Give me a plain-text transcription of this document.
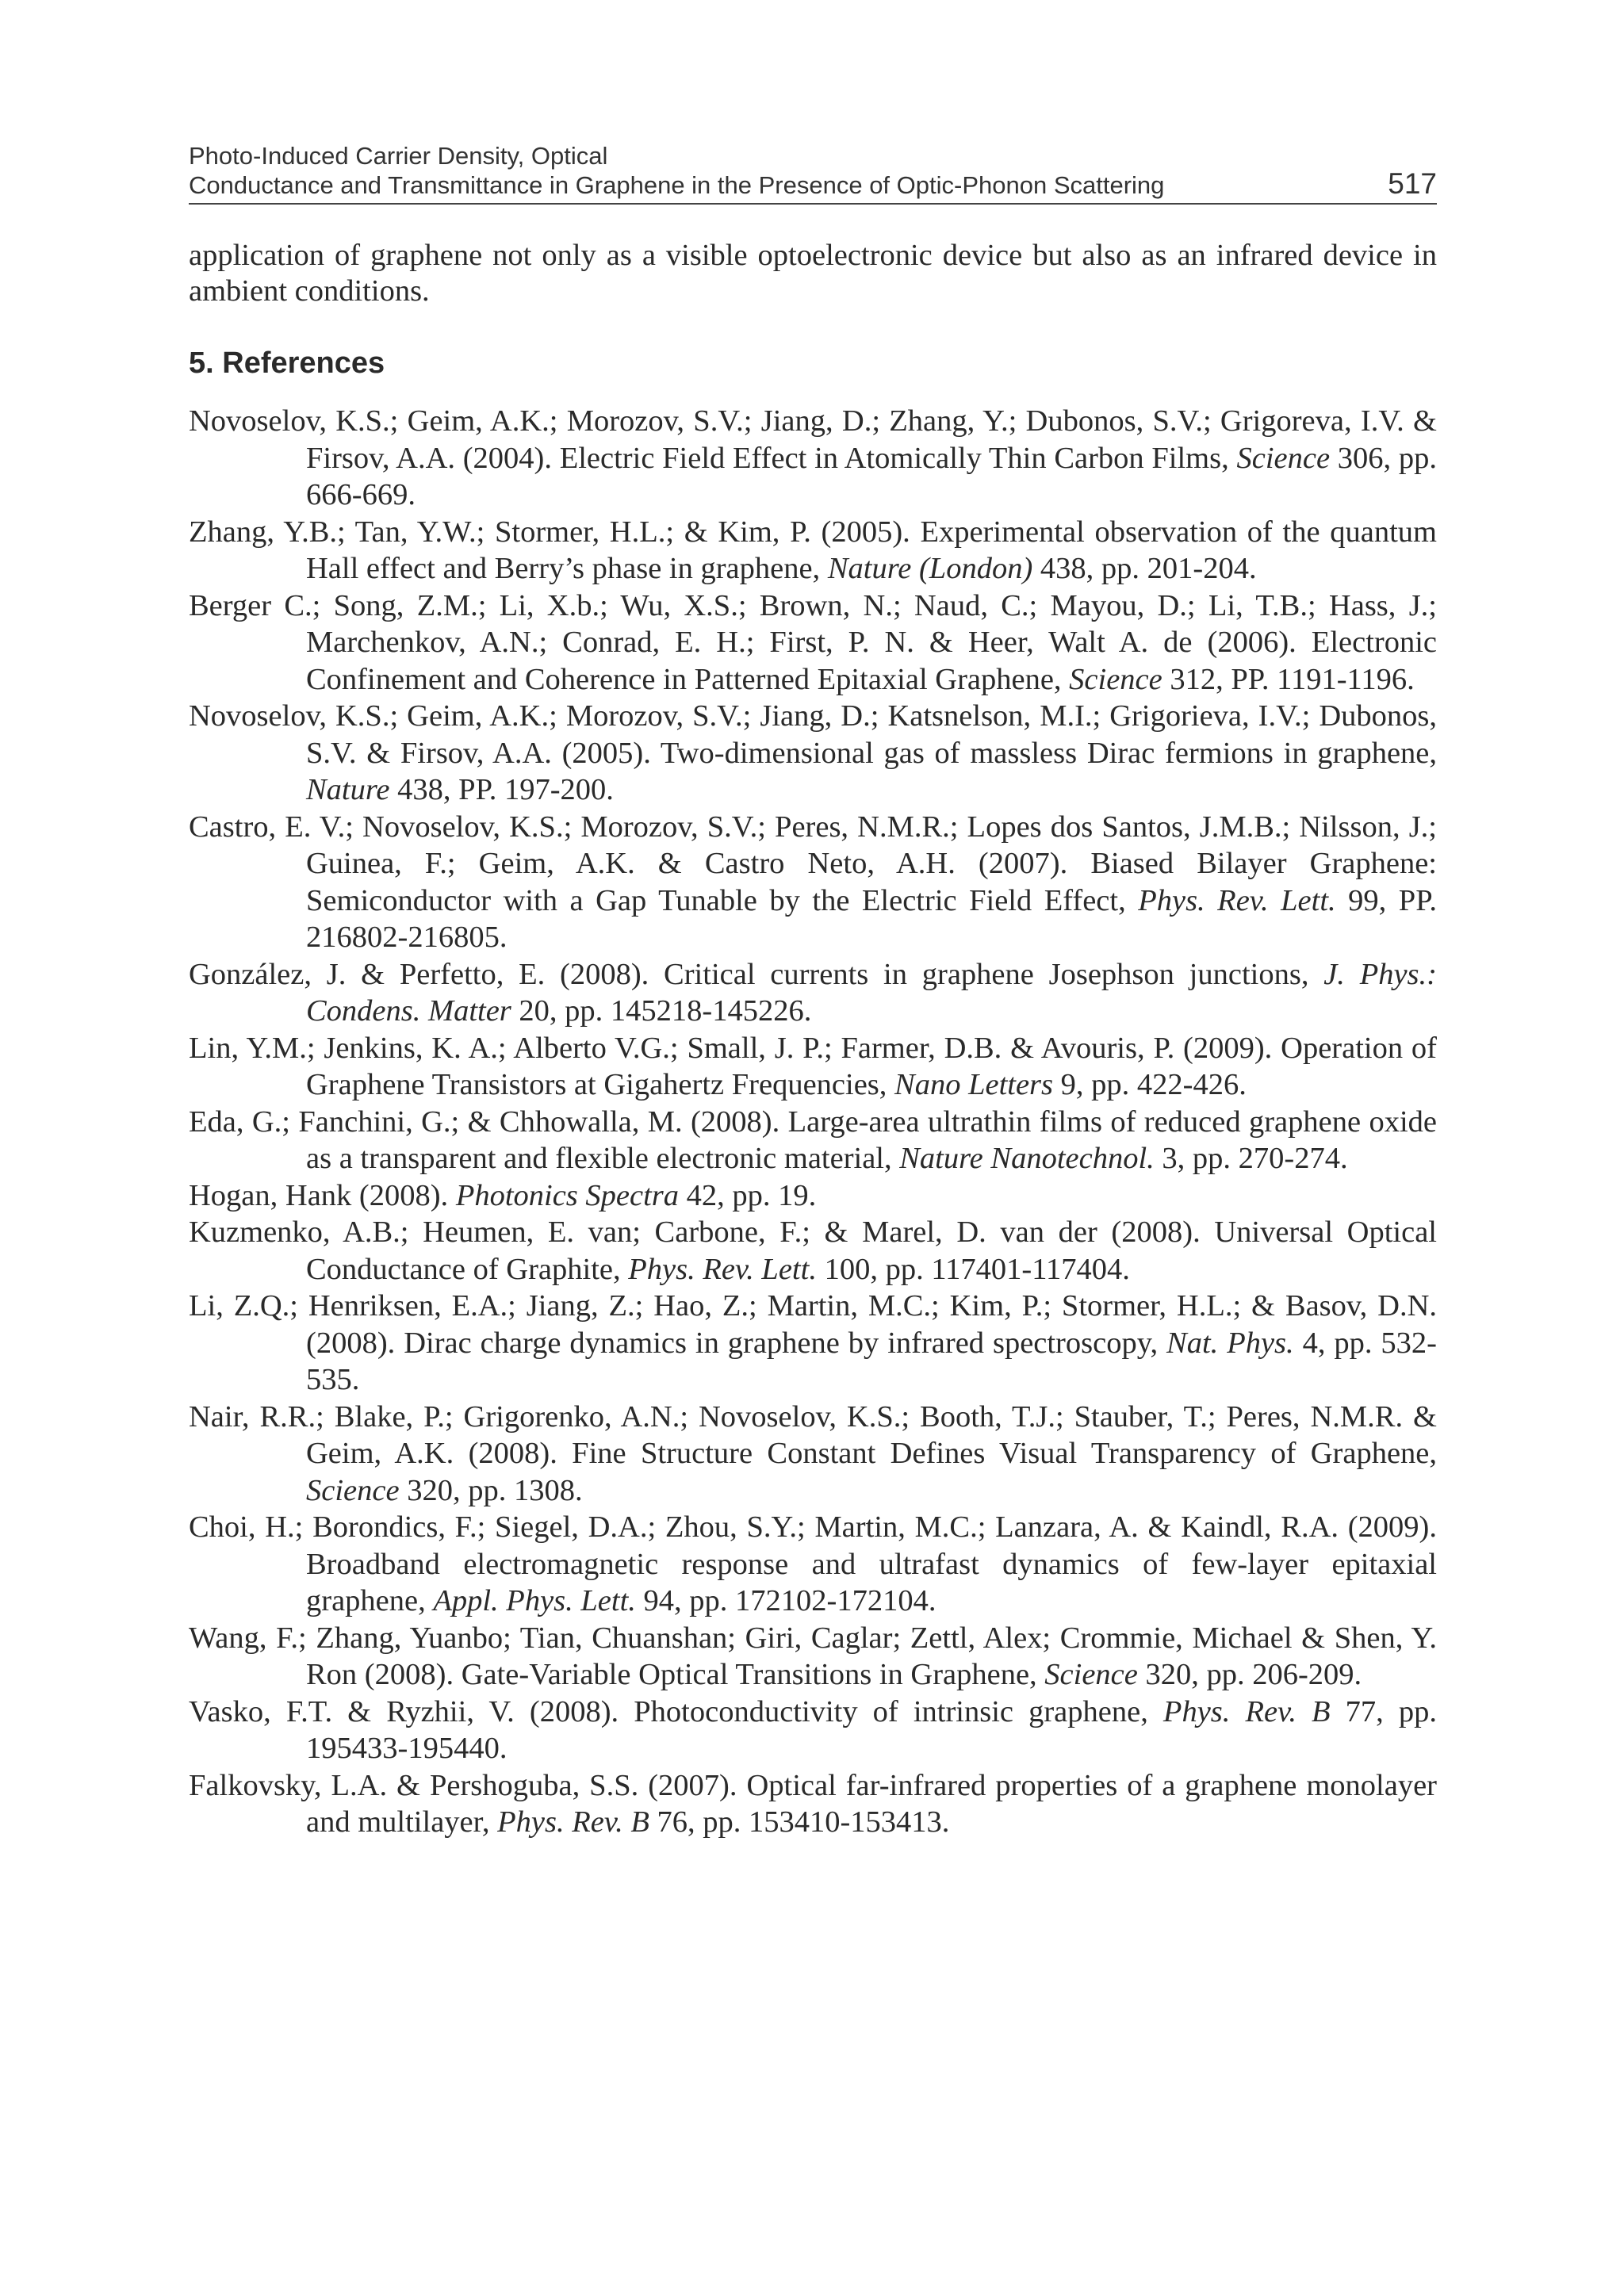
Photo-Induced Carrier Density, Optical
Conductance and Transmittance in Graphene in the Presence of Optic-Phonon Scattering	517

application of graphene not only as a visible optoelectronic device but also as an infrared device in ambient conditions.

5. References
Novoselov, K.S.; Geim, A.K.; Morozov, S.V.; Jiang, D.; Zhang, Y.; Dubonos, S.V.; Grigoreva, I.V. & Firsov, A.A. (2004). Electric Field Effect in Atomically Thin Carbon Films, Science 306, pp. 666-669.
Zhang, Y.B.; Tan, Y.W.; Stormer, H.L.; & Kim, P. (2005). Experimental observation of the quantum Hall effect and Berry’s phase in graphene, Nature (London) 438, pp. 201-204.
Berger C.; Song, Z.M.; Li, X.b.; Wu, X.S.; Brown, N.; Naud, C.; Mayou, D.; Li, T.B.; Hass, J.; Marchenkov, A.N.; Conrad, E. H.; First, P. N. & Heer, Walt A. de (2006). Electronic Confinement and Coherence in Patterned Epitaxial Graphene, Science 312, PP. 1191-1196.
Novoselov, K.S.; Geim, A.K.; Morozov, S.V.; Jiang, D.; Katsnelson, M.I.; Grigorieva, I.V.; Dubonos, S.V. & Firsov, A.A. (2005). Two-dimensional gas of massless Dirac fermions in graphene, Nature 438, PP. 197-200.
Castro, E. V.; Novoselov, K.S.; Morozov, S.V.; Peres, N.M.R.; Lopes dos Santos, J.M.B.; Nilsson, J.; Guinea, F.; Geim, A.K. & Castro Neto, A.H. (2007). Biased Bilayer Graphene: Semiconductor with a Gap Tunable by the Electric Field Effect, Phys. Rev. Lett. 99, PP. 216802-216805.
González, J. & Perfetto, E. (2008). Critical currents in graphene Josephson junctions, J. Phys.: Condens. Matter 20, pp. 145218-145226.
Lin, Y.M.; Jenkins, K. A.; Alberto V.G.; Small, J. P.; Farmer, D.B. & Avouris, P. (2009). Operation of Graphene Transistors at Gigahertz Frequencies, Nano Letters 9, pp. 422-426.
Eda, G.; Fanchini, G.; & Chhowalla, M. (2008). Large-area ultrathin films of reduced graphene oxide as a transparent and flexible electronic material, Nature Nanotechnol. 3, pp. 270-274.
Hogan, Hank (2008). Photonics Spectra 42, pp. 19.
Kuzmenko, A.B.; Heumen, E. van; Carbone, F.; & Marel, D. van der (2008). Universal Optical Conductance of Graphite, Phys. Rev. Lett. 100, pp. 117401-117404.
Li, Z.Q.; Henriksen, E.A.; Jiang, Z.; Hao, Z.; Martin, M.C.; Kim, P.; Stormer, H.L.; & Basov, D.N. (2008). Dirac charge dynamics in graphene by infrared spectroscopy, Nat. Phys. 4, pp. 532-535.
Nair, R.R.; Blake, P.; Grigorenko, A.N.; Novoselov, K.S.; Booth, T.J.; Stauber, T.; Peres, N.M.R. & Geim, A.K. (2008). Fine Structure Constant Defines Visual Transparency of Graphene, Science 320, pp. 1308.
Choi, H.; Borondics, F.; Siegel, D.A.; Zhou, S.Y.; Martin, M.C.; Lanzara, A. & Kaindl, R.A. (2009). Broadband electromagnetic response and ultrafast dynamics of few-layer epitaxial graphene, Appl. Phys. Lett. 94, pp. 172102-172104.
Wang, F.; Zhang, Yuanbo; Tian, Chuanshan; Giri, Caglar; Zettl, Alex; Crommie, Michael & Shen, Y. Ron (2008). Gate-Variable Optical Transitions in Graphene, Science 320, pp. 206-209.
Vasko, F.T. & Ryzhii, V. (2008). Photoconductivity of intrinsic graphene, Phys. Rev. B 77, pp. 195433-195440.
Falkovsky, L.A. & Pershoguba, S.S. (2007). Optical far-infrared properties of a graphene monolayer and multilayer, Phys. Rev. B 76, pp. 153410-153413.
